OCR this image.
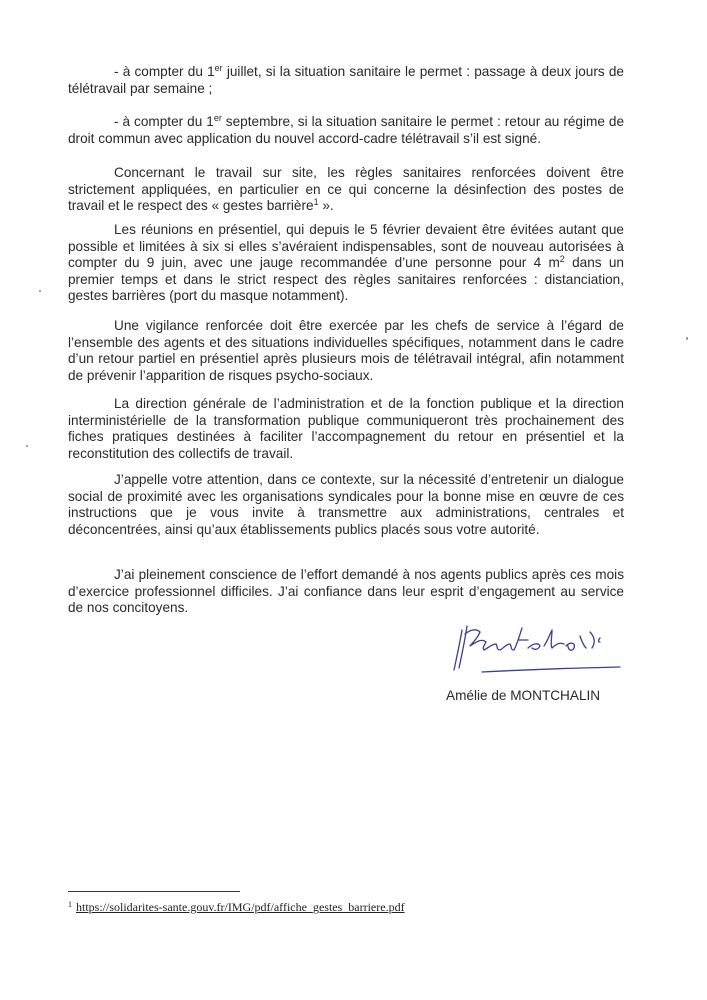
- à compter du 1er juillet, si la situation sanitaire le permet : passage à deux jours de télétravail par semaine ;

- à compter du 1er septembre, si la situation sanitaire le permet : retour au régime de droit commun avec application du nouvel accord-cadre télétravail s’il est signé.

Concernant le travail sur site, les règles sanitaires renforcées doivent être strictement appliquées, en particulier en ce qui concerne la désinfection des postes de travail et le respect des « gestes barrière$^1$ ».

Les réunions en présentiel, qui depuis le 5 février devaient être évitées autant que possible et limitées à six si elles s’avéraient indispensables, sont de nouveau autorisées à compter du 9 juin, avec une jauge recommandée d’une personne pour 4 $m^2$ dans un premier temps et dans le strict respect des règles sanitaires renforcées : distanciation, gestes barrières (port du masque notamment).

Une vigilance renforcée doit être exercée par les chefs de service à l’égard de l’ensemble des agents et des situations individuelles spécifiques, notamment dans le cadre d’un retour partiel en présentiel après plusieurs mois de télétravail intégral, afin notamment de prévenir l’apparition de risques psycho-sociaux.

La direction générale de l’administration et de la fonction publique et la direction interministérielle de la transformation publique communiqueront très prochainement des fiches pratiques destinées à faciliter l’accompagnement du retour en présentiel et la reconstitution des collectifs de travail.

J’appelle votre attention, dans ce contexte, sur la nécessité d’entretenir un dialogue social de proximité avec les organisations syndicales pour la bonne mise en œuvre de ces instructions que je vous invite à transmettre aux administrations, centrales et déconcentrées, ainsi qu’aux établissements publics placés sous votre autorité.

J’ai pleinement conscience de l’effort demandé à nos agents publics après ces mois d’exercice professionnel difficiles. J’ai confiance dans leur esprit d’engagement au service de nos concitoyens.

Amélie de MONTCHALIN
$^1$ https://solidarites-sante.gouv.fr/IMG/pdf/affiche_gestes_barriere.pdf
